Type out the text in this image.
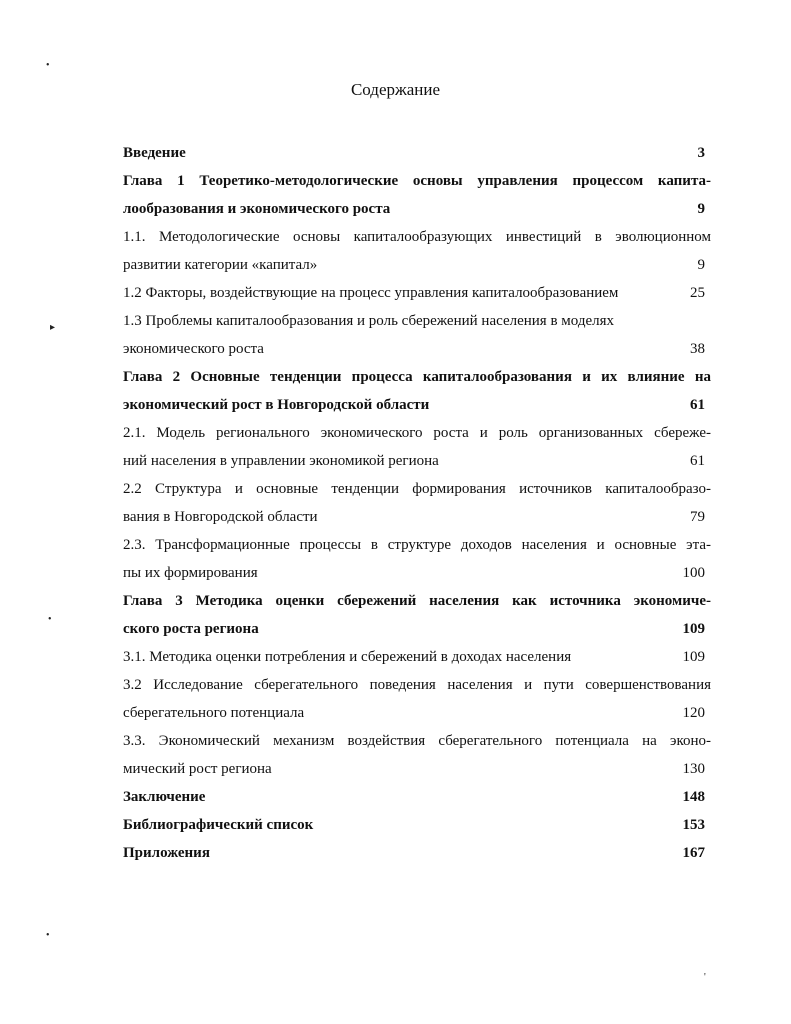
Содержание
Введение	3
Глава 1 Теоретико-методологические основы управления процессом капита-
лообразования и экономического роста	9
1.1. Методологические основы капиталообразующих инвестиций в эволюционном
развитии категории «капитал»	9
1.2 Факторы, воздействующие на процесс управления капиталообразованием	25
1.3 Проблемы капиталообразования и роль сбережений населения в моделях
экономического роста	38
Глава 2 Основные тенденции процесса капиталообразования и их влияние на
экономический рост в Новгородской области	61
2.1. Модель регионального экономического роста и роль организованных сбереже-
ний населения в управлении экономикой региона	61
2.2 Структура и основные тенденции формирования источников капиталообразо-
вания в Новгородской области	79
2.3. Трансформационные процессы в структуре доходов населения и основные эта-
пы их формирования	100
Глава 3 Методика оценки сбережений населения как источника экономиче-
ского роста региона	109
3.1. Методика оценки потребления и сбережений в доходах населения	109
3.2 Исследование сберегательного поведения населения и пути совершенствования
сберегательного потенциала	120
3.3. Экономический механизм воздействия сберегательного потенциала на эконо-
мический рост региона	130
Заключение	148
Библиографический список	153
Приложения	167
•
▸
•
•
'
